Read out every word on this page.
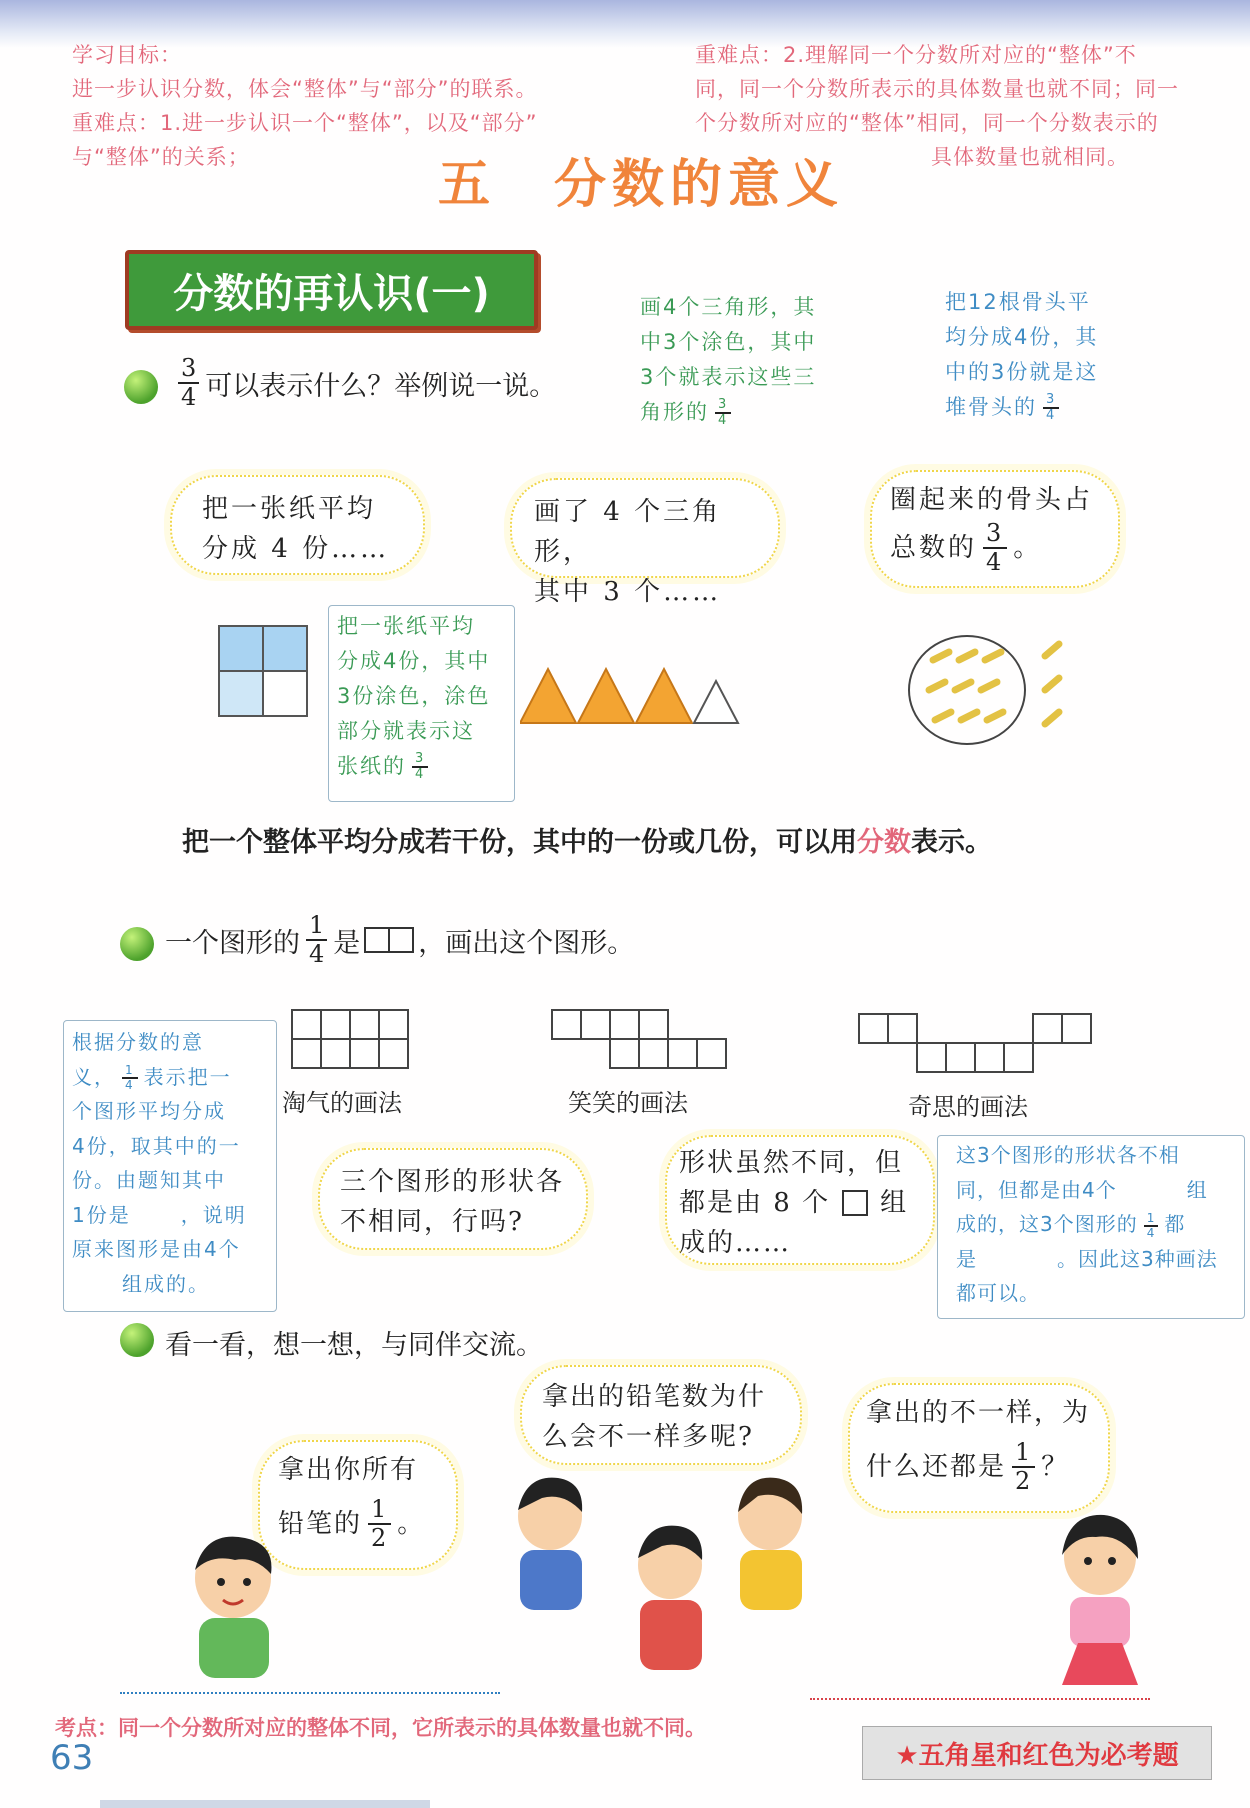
学习目标：
进一步认识分数，体会“整体”与“部分”的联系。
重难点：1.进一步认识一个“整体”，以及“部分”
与“整体”的关系；
重难点：2.理解同一个分数所对应的“整体”不
同，同一个分数所表示的具体数量也就不同；同一
个分数所对应的“整体”相同，同一个分数表示的
具体数量也就相同。
五　分数的意义
分数的再认识(一)
$\frac{3}{4}$ 可以表示什么？举例说一说。
画4个三角形，其
中3个涂色，其中
3个就表示这些三
角形的 $\frac{3}{4}$
把12根骨头平
均分成4份，其
中的3份就是这
堆骨头的 $\frac{3}{4}$
把一张纸平均
分成 4 份……
画了 4 个三角形，
其中 3 个……
圈起来的骨头占
总数的 $\frac{3}{4}$ 。
把一张纸平均
分成4份，其中
3份涂色，涂色
部分就表示这
张纸的 $\frac{3}{4}$
把一个整体平均分成若干份，其中的一份或几份，可以用分数表示。
一个图形的 $\frac{1}{4}$ 是 ，画出这个图形。
根据分数的意
义， $\frac{1}{4}$ 表示把一
个图形平均分成
4份，取其中的一
份。由题知其中
1份是	，说明
原来图形是由4个
组成的。
淘气的画法	笑笑的画法	奇思的画法
三个图形的形状各
不相同，行吗?
形状虽然不同，但
都是由 8 个 组
成的……
这3个图形的形状各不相
同，但都是由4个	组
成的，这3个图形的 $\frac{1}{4}$ 都
是	。因此这3种画法
都可以。
看一看，想一想，与同伴交流。
拿出你所有
铅笔的 $\frac{1}{2}$ 。
拿出的铅笔数为什
么会不一样多呢?
拿出的不一样，为
什么还都是 $\frac{1}{2}$ ？
考点：同一个分数所对应的整体不同，它所表示的具体数量也就不同。
★五角星和红色为必考题
63
